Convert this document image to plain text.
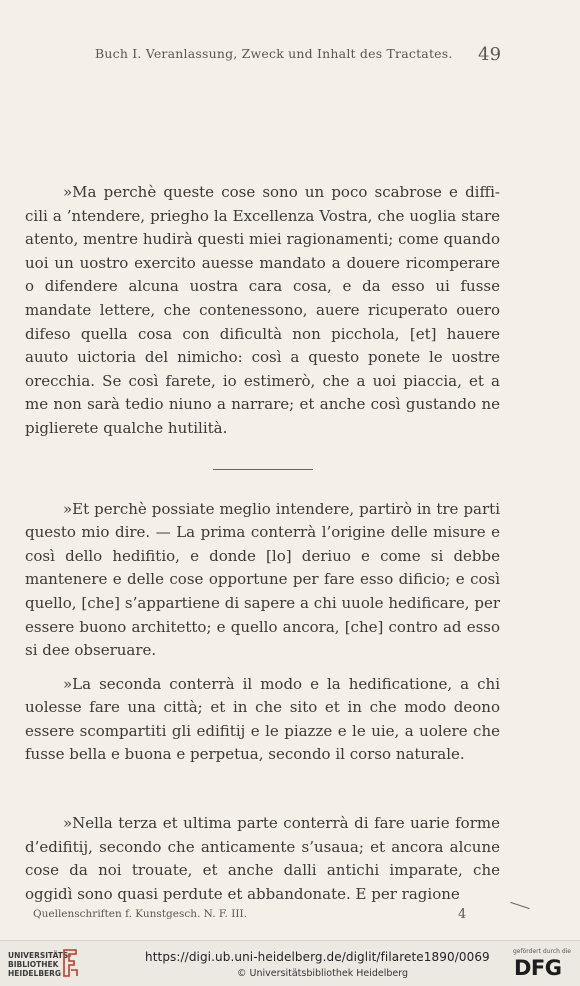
Buch I. Veranlassung, Zweck und Inhalt des Tractates. 49

»Ma perchè queste cose sono un poco scabrose e diffi-cili a ’ntendere, priegho la Excellenza Vostra, che uoglia stare atento, mentre hudirà questi miei ragionamenti; come quando uoi un uostro exercito auesse mandato a douere ricomperare o difendere alcuna uostra cara cosa, e da esso ui fusse mandate lettere, che contenessono, auere ricuperato ouero difeso quella cosa con dificultà non picchola, [et] hauere auuto uictoria del nimicho: così a questo ponete le uostre orecchia. Se così farete, io estimerò, che a uoi piaccia, et a me non sarà tedio niuno a narrare; et anche così gustando ne piglierete qualche hutilità.

»Et perchè possiate meglio intendere, partirò in tre parti questo mio dire. — La prima conterrà l’origine delle misure e così dello hedifitio, e donde [lo] deriuo e come si debbe mantenere e delle cose opportune per fare esso dificio; e così quello, [che] s’appartiene di sapere a chi uuole hedificare, per essere buono architetto; e quello ancora, [che] contro ad esso si dee obseruare.

»La seconda conterrà il modo e la hedificatione, a chi uolesse fare una città; et in che sito et in che modo deono essere scompartiti gli edifitij e le piazze e le uie, a uolere che fusse bella e buona e perpetua, secondo il corso naturale.

»Nella terza et ultima parte conterrà di fare uarie forme d’edifitij, secondo che anticamente s’usaua; et ancora alcune cose da noi trouate, et anche dalli antichi imparate, che oggidì sono quasi perdute et abbandonate. E per ragione

Quellenschriften f. Kunstgesch. N. F. III.	4
UNIVERSITÄTS-
BIBLIOTHEK
HEIDELBERG
https://digi.ub.uni-heidelberg.de/diglit/filarete1890/0069
© Universitätsbibliothek Heidelberg
gefördert durch die
DFG
